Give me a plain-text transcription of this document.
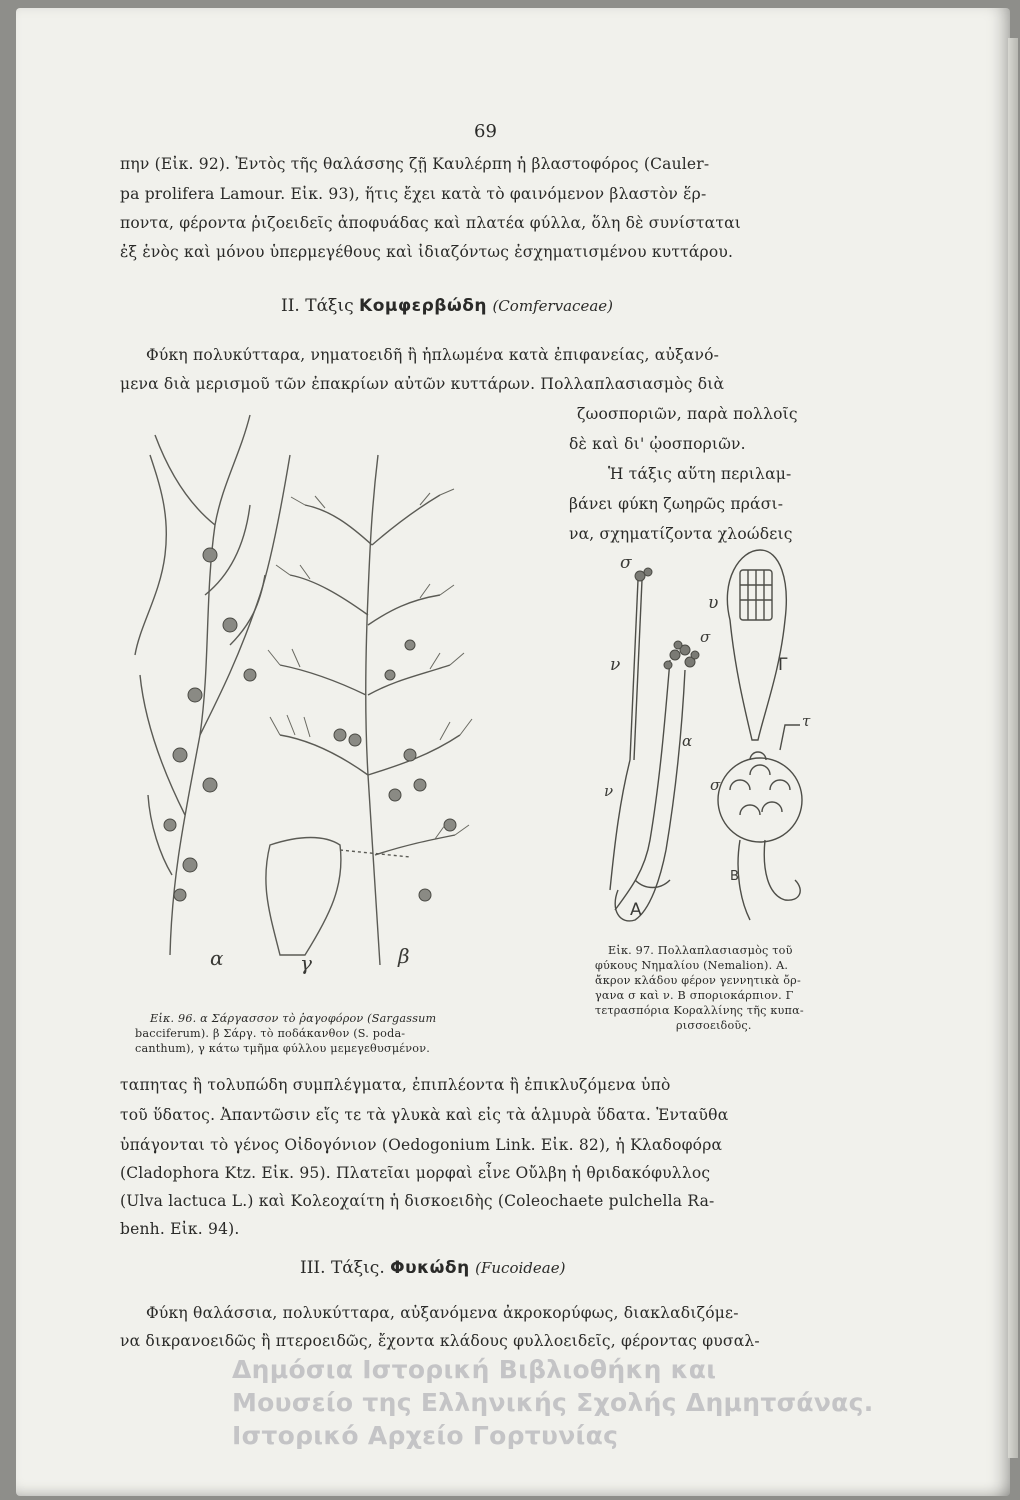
69
πην (Εἰκ. 92). Ἐντὸς τῆς θαλάσσης ζῇ Καυλέρπη ἡ βλαστοφόρος (Cauler-
pa prolifera Lamour. Εἰκ. 93), ἥτις ἔχει κατὰ τὸ φαινόμενον βλαστὸν ἕρ-
ποντα, φέροντα ῥιζοειδεῖς ἀποφυάδας καὶ πλατέα φύλλα, ὅλη δὲ συνίσταται
ἐξ ἑνὸς καὶ μόνου ὑπερμεγέθους καὶ ἰδιαζόντως ἐσχηματισμένου κυττάρου.
II. Τάξις Κομφερβώδη (Comfervaceae)
Φύκη πολυκύτταρα, νηματοειδῆ ἢ ἡπλωμένα κατὰ ἐπιφανείας, αὐξανό-
μενα διὰ μερισμοῦ τῶν ἐπακρίων αὐτῶν κυττάρων. Πολλαπλασιασμὸς διὰ
ζωοσποριῶν, παρὰ πολλοῖς
δὲ καὶ δι' ᾠοσποριῶν.
Ἡ τάξις αὕτη περιλαμ-
βάνει φύκη ζωηρῶς πράσι-
να, σχηματίζοντα χλοώδεις
α	γ	β
σ
ν
σ
α
ν
A
υ
Γ
τ
σ
B
Εἰκ. 96. α Σάργασσον τὸ ῥαγοφόρον (Sargassum
bacciferum). β Σάργ. τὸ ποδάκανθον (S. poda-
canthum), γ κάτω τμῆμα φύλλου μεμεγεθυσμένον.
Εἰκ. 97. Πολλαπλασιασμὸς τοῦ
φύκους Νημαλίου (Nemalion). A.
ἄκρον κλάδου φέρον γεννητικὰ ὄρ-
γανα σ καὶ ν. B σποριοκάρπιον. Γ
τετρασπόρια Κοραλλίνης τῆς κυπα-
ρισσοειδοῦς.
ταπητας ἢ τολυπώδη συμπλέγματα, ἐπιπλέοντα ἢ ἐπικλυζόμενα ὑπὸ
τοῦ ὕδατος. Ἀπαντῶσιν εἴς τε τὰ γλυκὰ καὶ εἰς τὰ ἁλμυρὰ ὕδατα. Ἐνταῦθα
ὑπάγονται τὸ γένος Οἰδογόνιον (Oedogonium Link. Εἰκ. 82), ἡ Κλαδοφόρα
(Cladophora Ktz. Εἰκ. 95). Πλατεῖαι μορφαὶ εἶνε Οὔλβη ἡ θριδακόφυλλος
(Ulva lactuca L.) καὶ Κολεοχαίτη ἡ δισκοειδὴς (Coleochaete pulchella Ra-
benh. Εἰκ. 94).
III. Τάξις. Φυκώδη (Fucoideae)
Φύκη θαλάσσια, πολυκύτταρα, αὐξανόμενα ἀκροκορύφως, διακλαδιζόμε-
να δικρανοειδῶς ἢ πτεροειδῶς, ἔχοντα κλάδους φυλλοειδεῖς, φέροντας φυσαλ-
Δημόσια Ιστορική Βιβλιοθήκη και
Μουσείο της Ελληνικής Σχολής Δημητσάνας.
Ιστορικό Αρχείο Γορτυνίας
